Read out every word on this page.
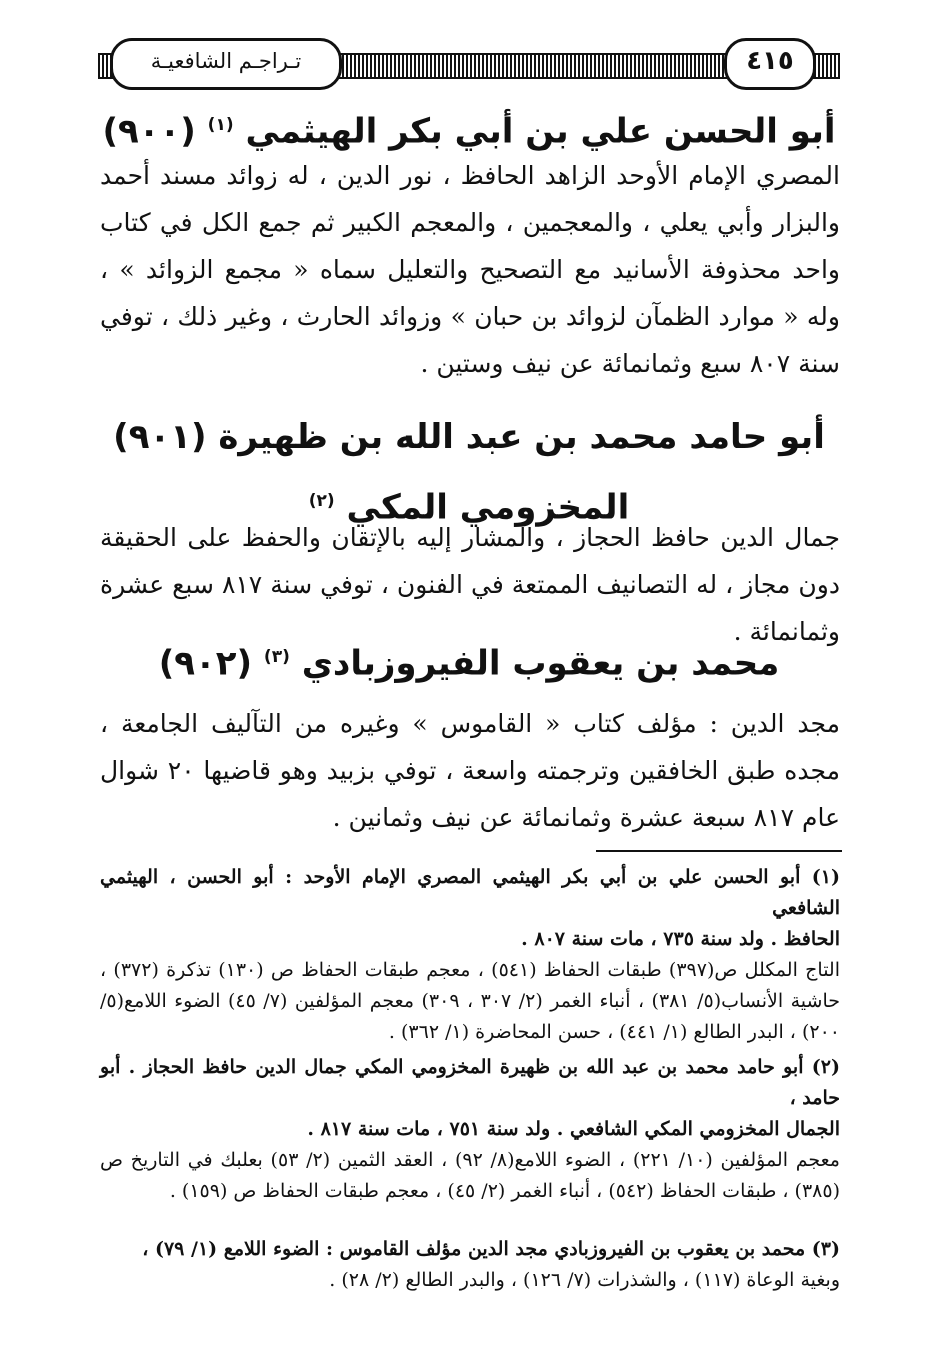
تـراجـم الشافعيـة	٤١٥
(٩٠٠) أبو الحسن علي بن أبي بكر الهيثمي $^{(١)}$
المصري الإمام الأوحد الزاهد الحافظ ، نور الدين ، له زوائد مسند أحمد والبزار وأبي يعلي ، والمعجمين ، والمعجم الكبير ثم جمع الكل في كتاب واحد محذوفة الأسانيد مع التصحيح والتعليل سماه « مجمع الزوائد » ، وله « موارد الظمآن لزوائد بن حبان » وزوائد الحارث ، وغير ذلك ، توفي سنة ٨٠٧ سبع وثمانمائة عن نيف وستين .
(٩٠١) أبو حامد محمد بن عبد الله بن ظهيرة
المخزومي المكي $^{(٢)}$
جمال الدين حافظ الحجاز ، والمشار إليه بالإتقان والحفظ على الحقيقة دون مجاز ، له التصانيف الممتعة في الفنون ، توفي سنة ٨١٧ سبع عشرة وثمانمائة .
(٩٠٢) محمد بن يعقوب الفيروزبادي $^{(٣)}$
مجد الدين : مؤلف كتاب « القاموس » وغيره من التآليف الجامعة ، مجده طبق الخافقين وترجمته واسعة ، توفي بزبيد وهو قاضيها ٢٠ شوال عام ٨١٧ سبعة عشرة وثمانمائة عن نيف وثمانين .
(١) أبو الحسن علي بن أبي بكر الهيثمي المصري الإمام الأوحد : أبو الحسن ، الهيثمي الشافعي
الحافظ . ولد سنة ٧٣٥ ، مات سنة ٨٠٧ .
التاج المكلل ص(٣٩٧) طبقات الحفاظ (٥٤١) ، معجم طبقات الحفاظ ص (١٣٠) تذكرة (٣٧٢) ، حاشية الأنساب(٥/ ٣٨١) ، أنباء الغمر (٢/ ٣٠٧ ، ٣٠٩) معجم المؤلفين (٧/ ٤٥) الضوء اللامع(٥/ ٢٠٠) ، البدر الطالع (١/ ٤٤١) ، حسن المحاضرة (١/ ٣٦٢) .
(٢) أبو حامد محمد بن عبد الله بن ظهيرة المخزومي المكي جمال الدين حافظ الحجاز . أبو حامد ،
الجمال المخزومي المكي الشافعي . ولد سنة ٧٥١ ، مات سنة ٨١٧ .
معجم المؤلفين (١٠/ ٢٢١) ، الضوء اللامع(٨/ ٩٢) ، العقد الثمين (٢/ ٥٣) بعلبك في التاريخ ص (٣٨٥) ، طبقات الحفاظ (٥٤٢) ، أنباء الغمر (٢/ ٤٥) ، معجم طبقات الحفاظ ص (١٥٩) .
(٣) محمد بن يعقوب بن الفيروزبادي مجد الدين مؤلف القاموس : الضوء اللامع (١/ ٧٩) ،
وبغية الوعاة (١١٧) ، والشذرات (٧/ ١٢٦) ، والبدر الطالع (٢/ ٢٨) .
